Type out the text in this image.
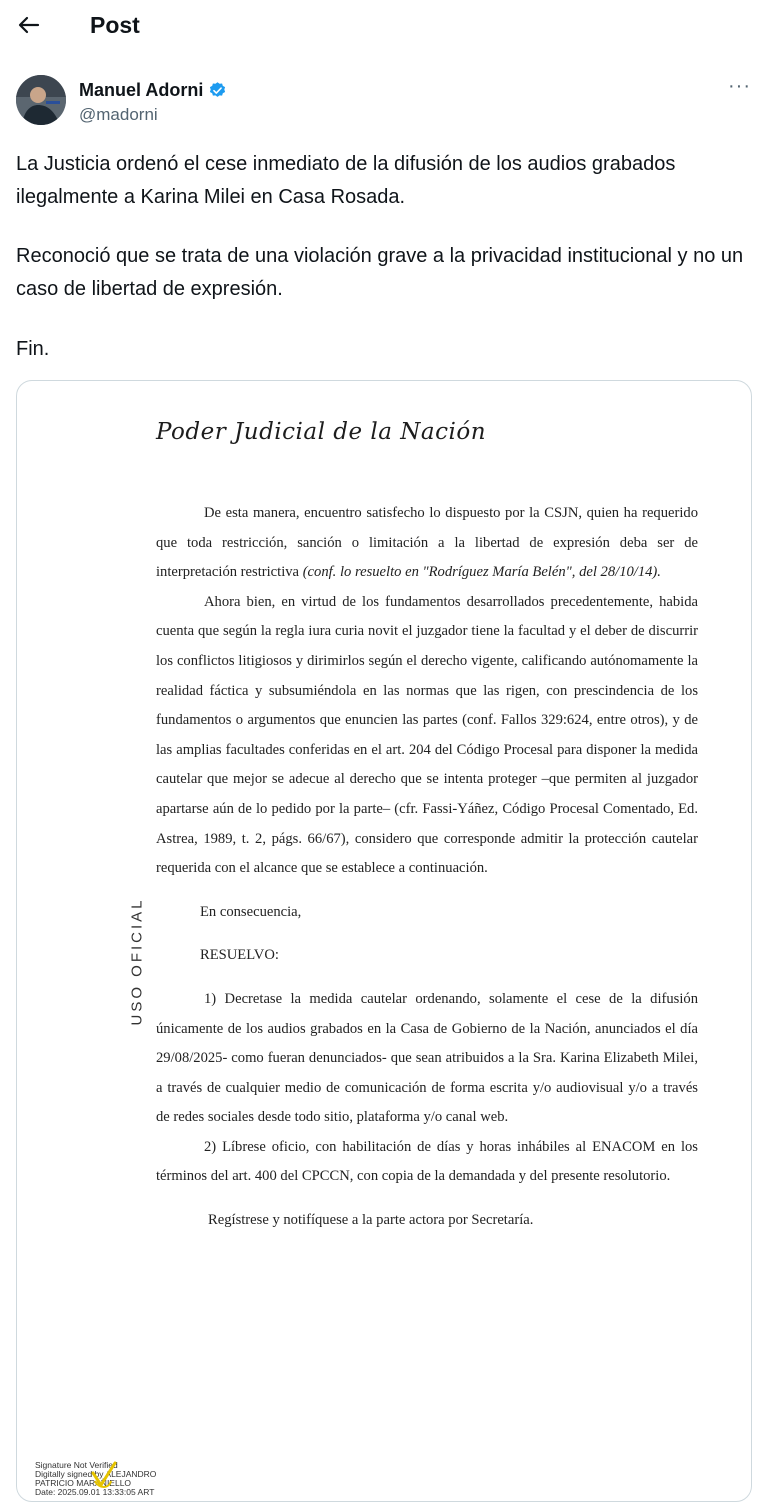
Post
Manuel Adorni
@madorni
···
La Justicia ordenó el cese inmediato de la difusión de los audios grabados ilegalmente a Karina Milei en Casa Rosada.
Reconoció que se trata de una violación grave a la privacidad institucional y no un caso de libertad de expresión.
Fin.
Poder Judicial de la Nación
USO OFICIAL

De esta manera, encuentro satisfecho lo dispuesto por la CSJN, quien ha requerido que toda restricción, sanción o limitación a la libertad de expresión deba ser de interpretación restrictiva (conf. lo resuelto en "Rodríguez María Belén", del 28/10/14).

Ahora bien, en virtud de los fundamentos desarrollados precedentemente, habida cuenta que según la regla iura curia novit el juzgador tiene la facultad y el deber de discurrir los conflictos litigiosos y dirimirlos según el derecho vigente, calificando autónomamente la realidad fáctica y subsumiéndola en las normas que las rigen, con prescindencia de los fundamentos o argumentos que enuncien las partes (conf. Fallos 329:624, entre otros), y de las amplias facultades conferidas en el art. 204 del Código Procesal para disponer la medida cautelar que mejor se adecue al derecho que se intenta proteger –que permiten al juzgador apartarse aún de lo pedido por la parte– (cfr. Fassi-Yáñez, Código Procesal Comentado, Ed. Astrea, 1989, t. 2, págs. 66/67), considero que corresponde admitir la protección cautelar requerida con el alcance que se establece a continuación.

En consecuencia,

RESUELVO:

1) Decretase la medida cautelar ordenando, solamente el cese de la difusión únicamente de los audios grabados en la Casa de Gobierno de la Nación, anunciados el día 29/08/2025- como fueran denunciados- que sean atribuidos a la Sra. Karina Elizabeth Milei, a través de cualquier medio de comunicación de forma escrita y/o audiovisual y/o a través de redes sociales desde todo sitio, plataforma y/o canal web.

2) Líbrese oficio, con habilitación de días y horas inhábiles al ENACOM en los términos del art. 400 del CPCCN, con copia de la demandada y del presente resolutorio.

Regístrese y notifíquese a la parte actora por Secretaría.

Signature Not Verified
Digitally signed by ALEJANDRO
PATRICIO MARAÑIELLO
Date: 2025.09.01 13:33:05 ART
